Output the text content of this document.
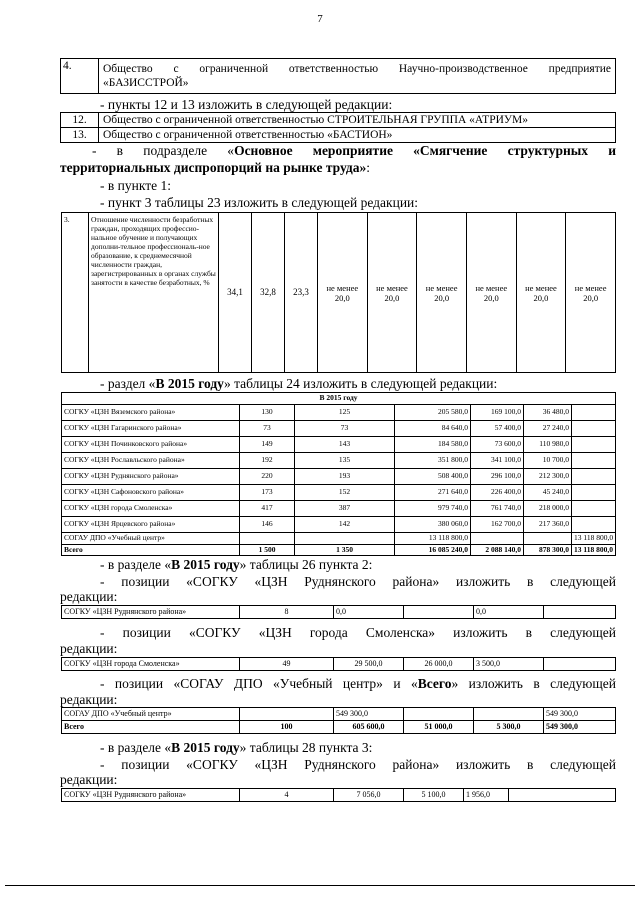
7
4.	Общество с ограниченной ответственностью Научно-производственное предприятие
«БАЗИССТРОЙ»
- пункты 12 и 13 изложить в следующей редакции:
12.	Общество с ограниченной ответственностью СТРОИТЕЛЬНАЯ ГРУППА «АТРИУМ»
13.	Общество с ограниченной ответственностью «БАСТИОН»
- в подразделе «Основное мероприятие «Смягчение структурных и
территориальных диспропорций на рынке труда»:
- в пункте 1:
- пункт 3 таблицы 23 изложить в следующей редакции:
3.	Отношение численности безработных граждан, проходящих профессио-нальное обучение и получающих дополни-тельное профессиональ-ное образование, к среднемесячной численности граждан, зарегистрированных в органах службы занятости в качестве безработных, %	34,1	32,8	23,3	не менее 20,0	не менее 20,0	не менее 20,0	не менее 20,0	не менее 20,0	не менее 20,0
- раздел «В 2015 году» таблицы 24 изложить в следующей редакции:
В 2015 году						
СОГКУ «ЦЗН Вяземского района»	130	125	205 580,0	169 100,0	36 480,0	
СОГКУ «ЦЗН Гагаринского района»	73	73	84 640,0	57 400,0	27 240,0	
СОГКУ «ЦЗН Починковского района»	149	143	184 580,0	73 600,0	110 980,0	
СОГКУ «ЦЗН Рославльского района»	192	135	351 800,0	341 100,0	10 700,0	
СОГКУ «ЦЗН Руднянского района»	220	193	508 400,0	296 100,0	212 300,0	
СОГКУ «ЦЗН Сафоновского района»	173	152	271 640,0	226 400,0	45 240,0	
СОГКУ «ЦЗН города Смоленска»	417	387	979 740,0	761 740,0	218 000,0	
СОГКУ «ЦЗН Ярцевского района»	146	142	380 060,0	162 700,0	217 360,0	
СОГАУ ДПО «Учебный центр»			13 118 800,0			13 118 800,0
Всего	1 500	1 350	16 085 240,0	2 088 140,0	878 300,0	13 118 800,0
- в разделе «В 2015 году» таблицы 26 пункта 2:
- позиции «СОГКУ «ЦЗН Руднянского района» изложить в следующей
редакции:
СОГКУ «ЦЗН Руднянского района»	8	0,0		0,0	
- позиции «СОГКУ «ЦЗН города Смоленска» изложить в следующей
редакции:
СОГКУ «ЦЗН города Смоленска»	49	29 500,0	26 000,0	3 500,0	
- позиции «СОГАУ ДПО «Учебный центр» и «Всего» изложить в следующей
редакции:
СОГАУ ДПО «Учебный центр»		549 300,0			549 300,0
Всего	100	605 600,0	51 000,0	5 300,0	549 300,0
- в разделе «В 2015 году» таблицы 28 пункта 3:
- позиции «СОГКУ «ЦЗН Руднянского района» изложить в следующей
редакции:
СОГКУ «ЦЗН Руднянского района»	4	7 056,0	5 100,0	1 956,0	
